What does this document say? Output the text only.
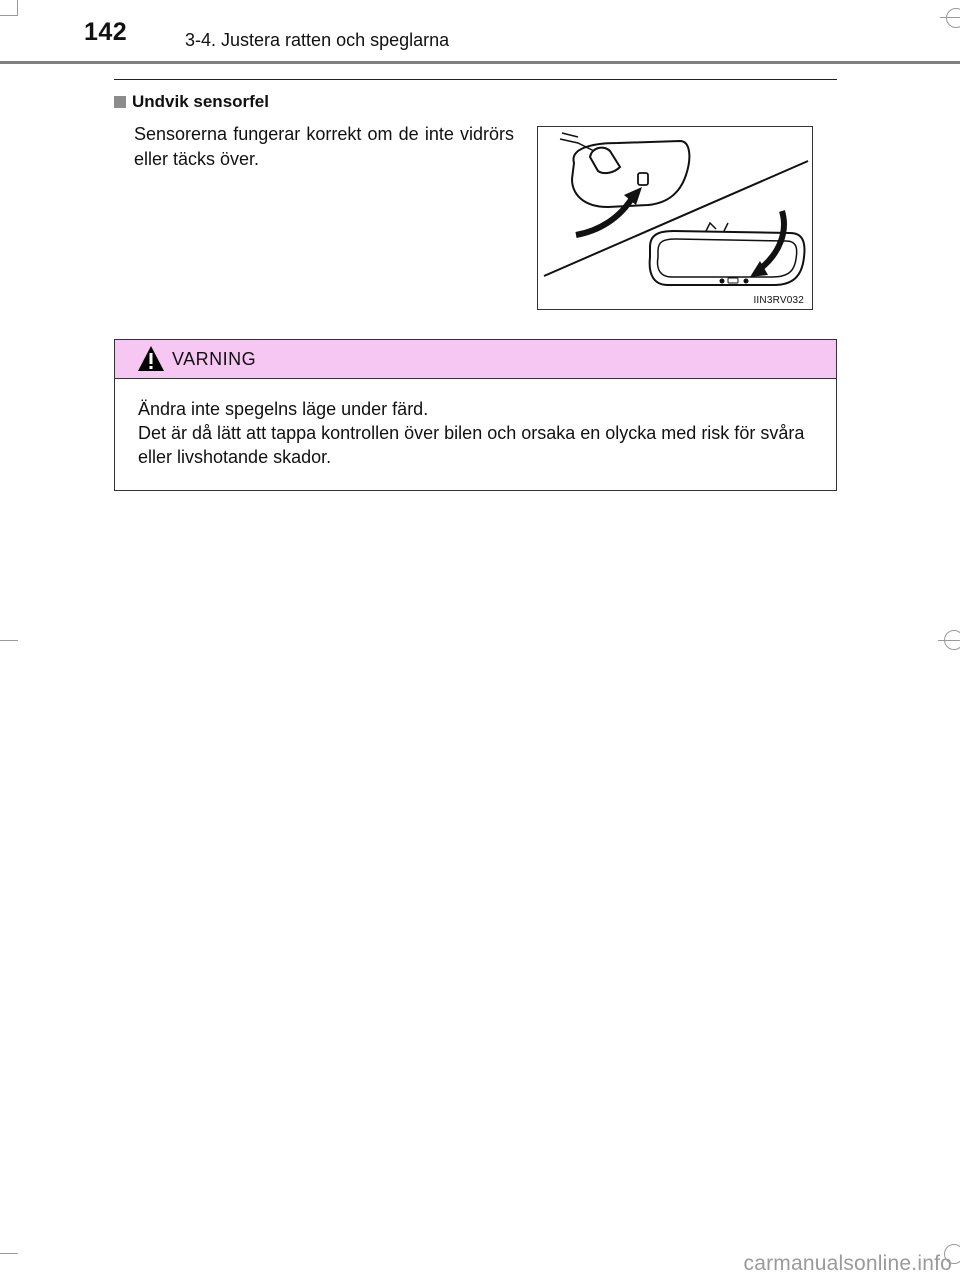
142	3-4. Justera ratten och speglarna
Undvik sensorfel
Sensorerna fungerar korrekt om de inte vidrörs eller täcks över.
IIN3RV032
VARNING

Ändra inte spegelns läge under färd.

Det är då lätt att tappa kontrollen över bilen och orsaka en olycka med risk för svåra eller livshotande skador.

carmanualsonline.info
